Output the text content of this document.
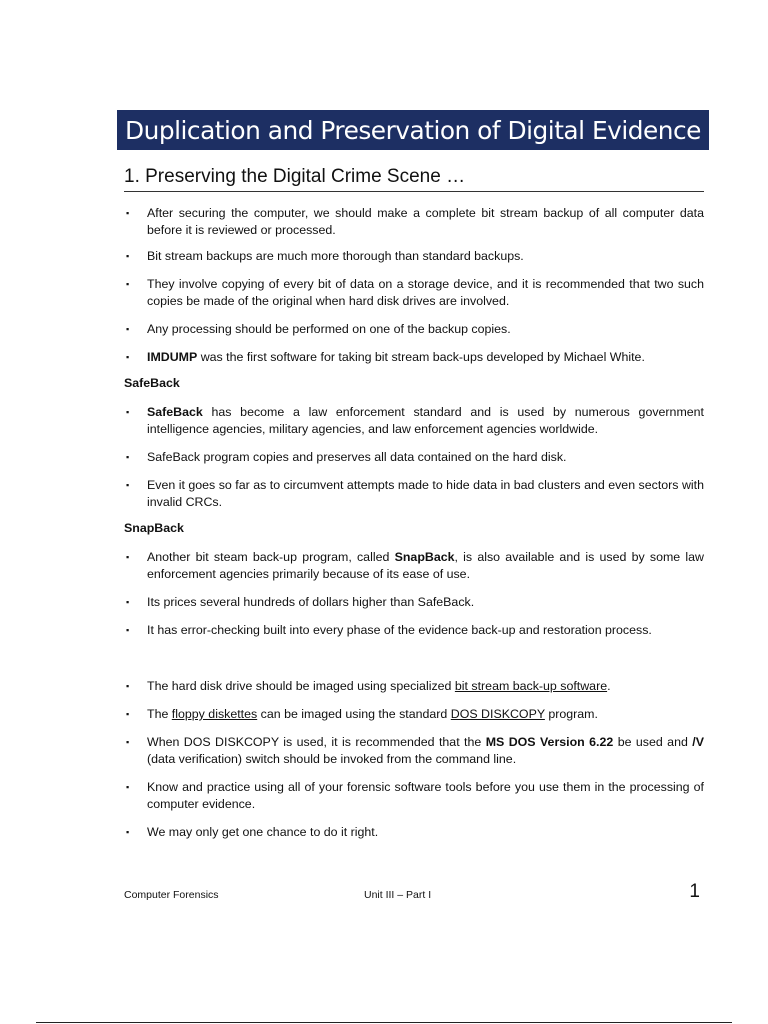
Duplication and Preservation of Digital Evidence
1. Preserving the Digital Crime Scene …
▪ After securing the computer, we should make a complete bit stream backup of all computer data before it is reviewed or processed.
▪ Bit stream backups are much more thorough than standard backups.
▪ They involve copying of every bit of data on a storage device, and it is recommended that two such copies be made of the original when hard disk drives are involved.
▪ Any processing should be performed on one of the backup copies.
▪ IMDUMP was the first software for taking bit stream back-ups developed by Michael White.
SafeBack
▪ SafeBack has become a law enforcement standard and is used by numerous government intelligence agencies, military agencies, and law enforcement agencies worldwide.
▪ SafeBack program copies and preserves all data contained on the hard disk.
▪ Even it goes so far as to circumvent attempts made to hide data in bad clusters and even sectors with invalid CRCs.
SnapBack
▪ Another bit steam back-up program, called SnapBack, is also available and is used by some law enforcement agencies primarily because of its ease of use.
▪ Its prices several hundreds of dollars higher than SafeBack.
▪ It has error-checking built into every phase of the evidence back-up and restoration process.
▪ The hard disk drive should be imaged using specialized bit stream back-up software.
▪ The floppy diskettes can be imaged using the standard DOS DISKCOPY program.
▪ When DOS DISKCOPY is used, it is recommended that the MS DOS Version 6.22 be used and /V (data verification) switch should be invoked from the command line.
▪ Know and practice using all of your forensic software tools before you use them in the processing of computer evidence.
▪ We may only get one chance to do it right.
Computer Forensics	Unit III – Part I	1
